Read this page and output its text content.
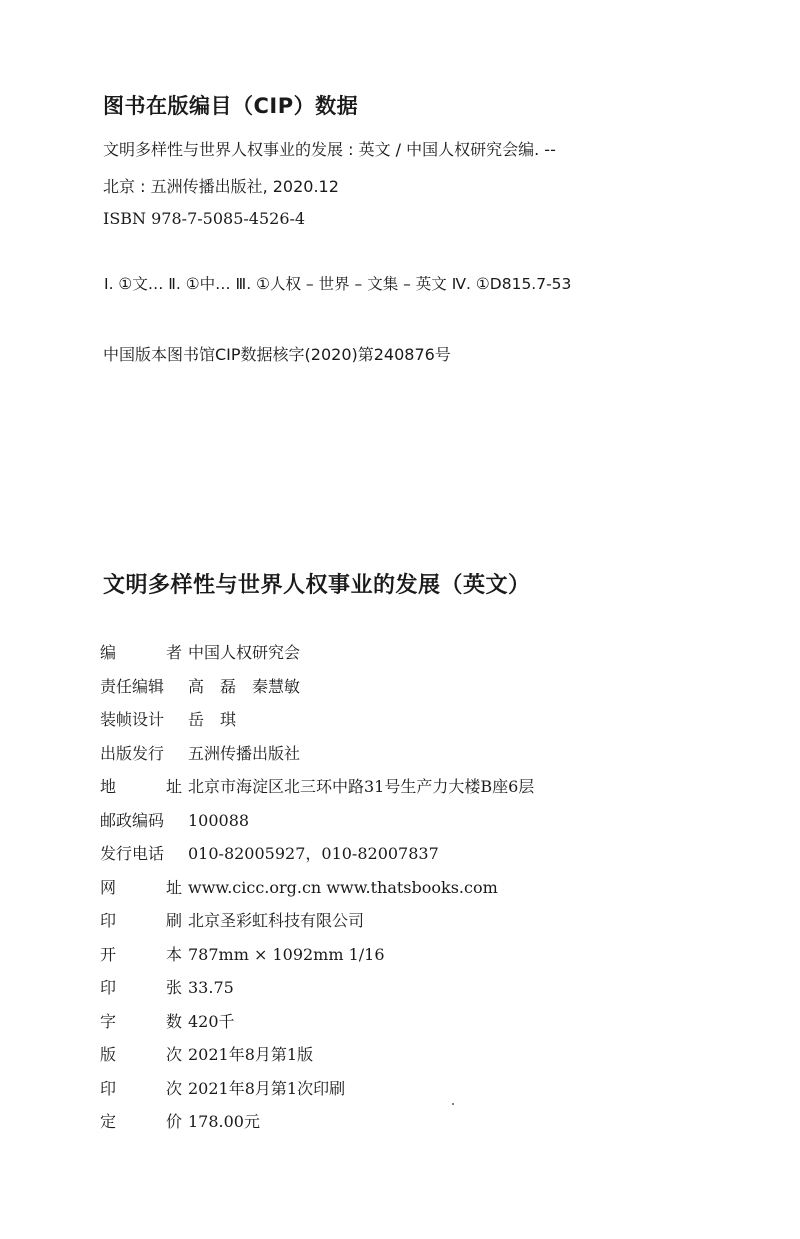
图书在版编目（CIP）数据
文明多样性与世界人权事业的发展 : 英文 / 中国人权研究会编. --
北京 : 五洲传播出版社, 2020.12
ISBN 978-7-5085-4526-4
Ⅰ. ①文… Ⅱ. ①中… Ⅲ. ①人权 – 世界 – 文集 – 英文 Ⅳ. ①D815.7-53
中国版本图书馆CIP数据核字(2020)第240876号
文明多样性与世界人权事业的发展（英文）
编	者 中国人权研究会
责任编辑 高　磊　秦慧敏
装帧设计 岳　琪
出版发行 五洲传播出版社
地	址 北京市海淀区北三环中路31号生产力大楼B座6层
邮政编码 100088
发行电话 010-82005927，010-82007837
网	址 www.cicc.org.cn www.thatsbooks.com
印	刷 北京圣彩虹科技有限公司
开	本 787mm × 1092mm 1/16
印	张 33.75
字	数 420千
版	次 2021年8月第1版
印	次 2021年8月第1次印刷
定	价 178.00元
